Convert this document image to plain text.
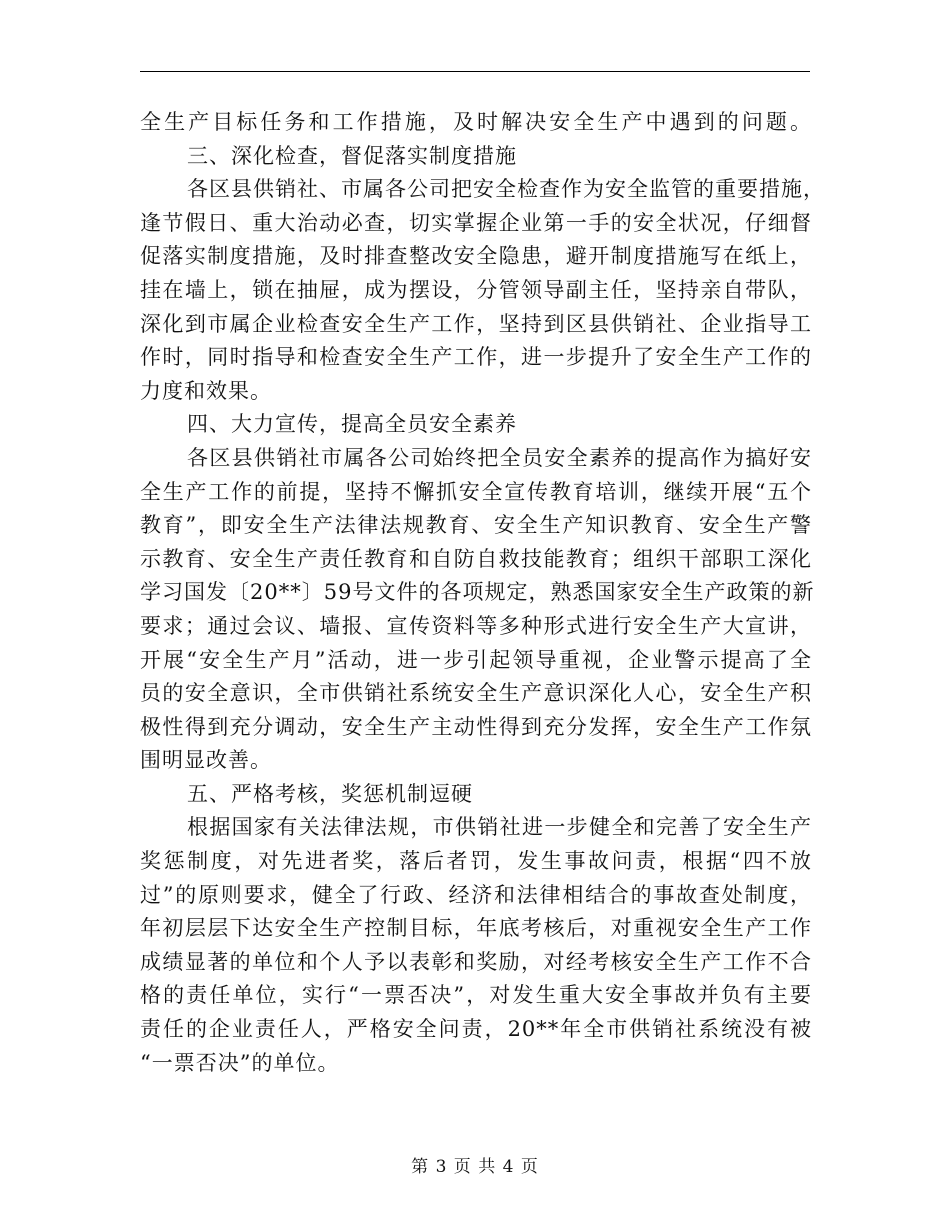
全生产目标任务和工作措施，及时解决安全生产中遇到的问题。
三、深化检查，督促落实制度措施
各区县供销社、市属各公司把安全检查作为安全监管的重要措施，
逢节假日、重大治动必查，切实掌握企业第一手的安全状况，仔细督
促落实制度措施，及时排查整改安全隐患，避开制度措施写在纸上，
挂在墙上，锁在抽屉，成为摆设，分管领导副主任，坚持亲自带队，
深化到市属企业检查安全生产工作，坚持到区县供销社、企业指导工
作时，同时指导和检查安全生产工作，进一步提升了安全生产工作的
力度和效果。
四、大力宣传，提高全员安全素养
各区县供销社市属各公司始终把全员安全素养的提高作为搞好安
全生产工作的前提，坚持不懈抓安全宣传教育培训，继续开展“五个
教育”，即安全生产法律法规教育、安全生产知识教育、安全生产警
示教育、安全生产责任教育和自防自救技能教育；组织干部职工深化
学习国发〔20**〕59号文件的各项规定，熟悉国家安全生产政策的新
要求；通过会议、墙报、宣传资料等多种形式进行安全生产大宣讲，
开展“安全生产月”活动，进一步引起领导重视，企业警示提高了全
员的安全意识，全市供销社系统安全生产意识深化人心，安全生产积
极性得到充分调动，安全生产主动性得到充分发挥，安全生产工作氛
围明显改善。
五、严格考核，奖惩机制逗硬
根据国家有关法律法规，市供销社进一步健全和完善了安全生产
奖惩制度，对先进者奖，落后者罚，发生事故问责，根据“四不放
过”的原则要求，健全了行政、经济和法律相结合的事故查处制度，
年初层层下达安全生产控制目标，年底考核后，对重视安全生产工作
成绩显著的单位和个人予以表彰和奖励，对经考核安全生产工作不合
格的责任单位，实行“一票否决”，对发生重大安全事故并负有主要
责任的企业责任人，严格安全问责，20**年全市供销社系统没有被
“一票否决”的单位。
第 3 页 共 4 页
